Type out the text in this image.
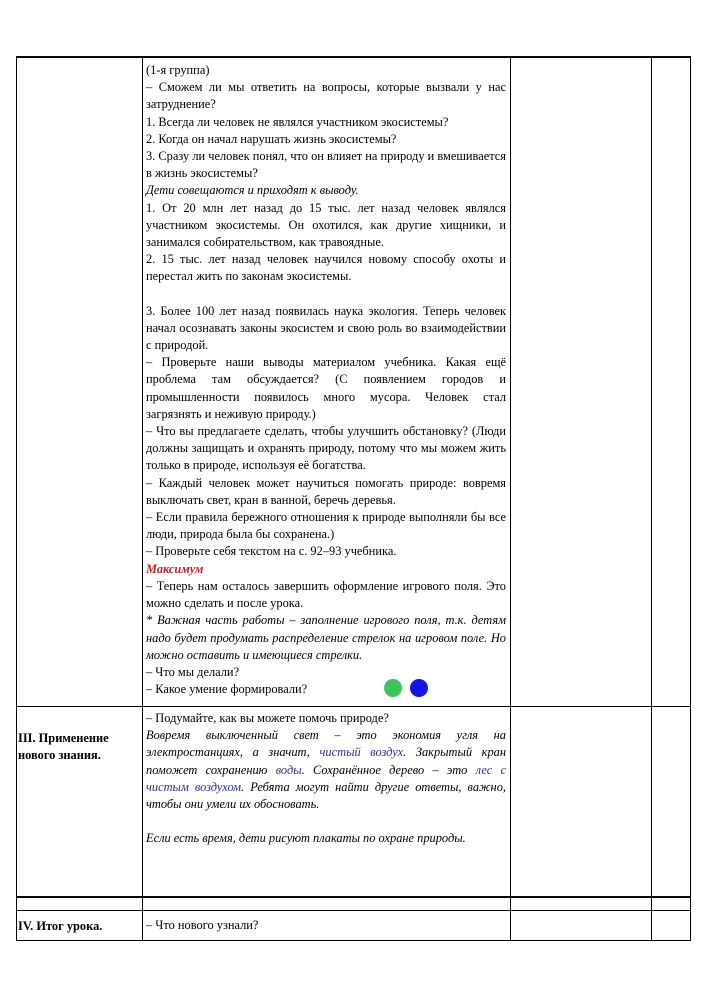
(1-я группа)

– Сможем ли мы ответить на вопросы, которые вызвали у нас затруднение?

1. Всегда ли человек не являлся участником экосистемы?

2. Когда он начал нарушать жизнь экосистемы?

3. Сразу ли человек понял, что он влияет на природу и вмешивается в жизнь экосистемы?

Дети совещаются и приходят к выводу.

1. От 20 млн лет назад до 15 тыс. лет назад человек являлся участником экосистемы. Он охотился, как другие хищники, и занимался собирательством, как травоядные.

2. 15 тыс. лет назад человек научился новому способу охоты и перестал жить по законам экосистемы.

3. Более 100 лет назад появилась наука экология. Теперь человек начал осознавать законы экосистем и свою роль во взаимодействии с природой.

– Проверьте наши выводы материалом учебника. Какая ещё проблема там обсуждается? (С появлением городов и промышленности появилось много мусора. Человек стал загрязнять и неживую природу.)

– Что вы предлагаете сделать, чтобы улучшить обстановку? (Люди должны защищать и охранять природу, потому что мы можем жить только в природе, используя её богатства.

– Каждый человек может научиться помогать природе: вовремя выключать свет, кран в ванной, беречь деревья.

– Если правила бережного отношения к природе выполняли бы все люди, природа была бы сохранена.)

– Проверьте себя текстом на с. 92–93 учебника.

Максимум

– Теперь нам осталось завершить оформление игрового поля. Это можно сделать и после урока.

* Важная часть работы – заполнение игрового поля, т.к. детям надо будет продумать распределение стрелок на игровом поле. Но можно оставить и имеющиеся стрелки.

– Что мы делали?

– Какое умение формировали?

III. Применение нового знания.

– Подумайте, как вы можете помочь природе?

Вовремя выключенный свет – это экономия угля на электростанциях, а значит, чистый воздух. Закрытый кран поможет сохранению воды. Сохранённое дерево – это лес с чистым воздухом. Ребята могут найти другие ответы, важно, чтобы они умели их обосновать.

Если есть время, дети рисуют плакаты по охране природы.

IV. Итог урока.	– Что нового узнали?
